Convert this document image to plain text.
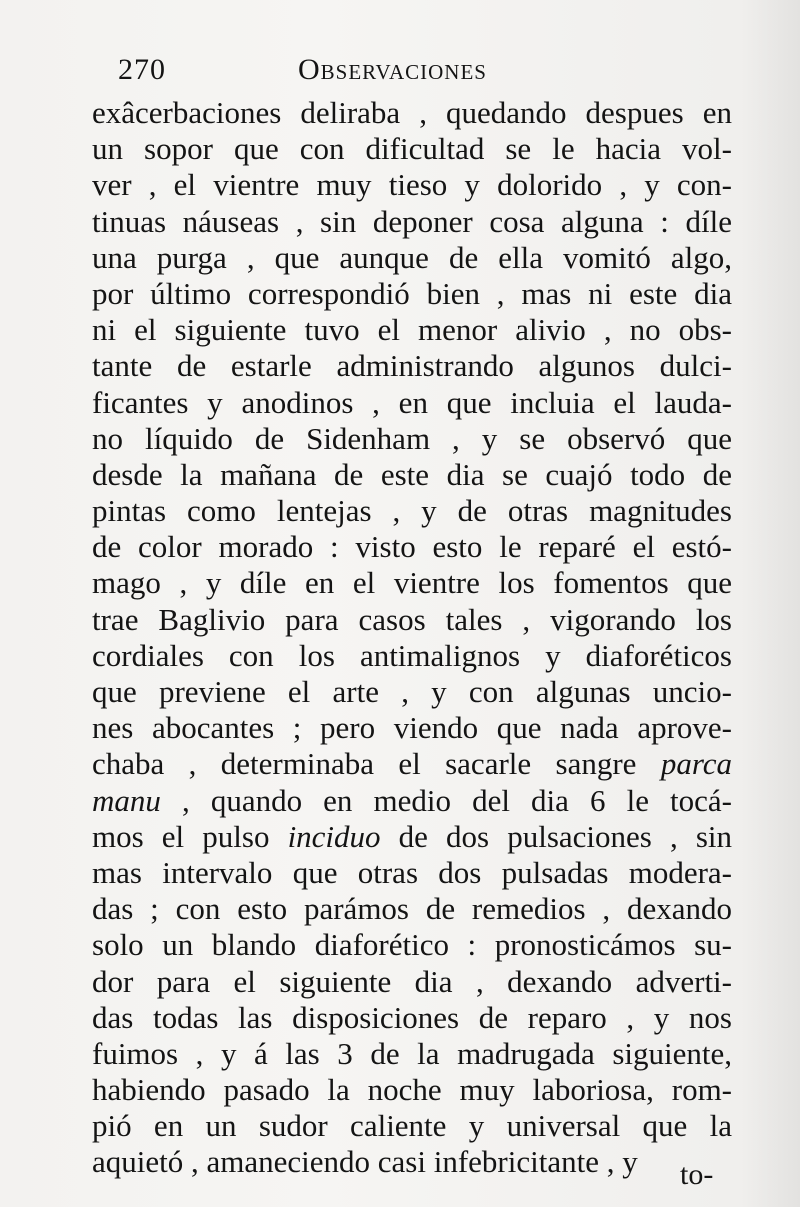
270	Observaciones
exâcerbaciones deliraba , quedando despues en
un sopor que con dificultad se le hacia vol-
ver , el vientre muy tieso y dolorido , y con-
tinuas náuseas , sin deponer cosa alguna : díle
una purga , que aunque de ella vomitó algo,
por último correspondió bien , mas ni este dia
ni el siguiente tuvo el menor alivio , no obs-
tante de estarle administrando algunos dulci-
ficantes y anodinos , en que incluia el lauda-
no líquido de Sidenham , y se observó que
desde la mañana de este dia se cuajó todo de
pintas como lentejas , y de otras magnitudes
de color morado : visto esto le reparé el estó-
mago , y díle en el vientre los fomentos que
trae Baglivio para casos tales , vigorando los
cordiales con los antimalignos y diaforéticos
que previene el arte , y con algunas uncio-
nes abocantes ; pero viendo que nada aprove-
chaba , determinaba el sacarle sangre parca
manu , quando en medio del dia 6 le tocá-
mos el pulso inciduo de dos pulsaciones , sin
mas intervalo que otras dos pulsadas modera-
das ; con esto parámos de remedios , dexando
solo un blando diaforético : pronosticámos su-
dor para el siguiente dia , dexando adverti-
das todas las disposiciones de reparo , y nos
fuimos , y á las 3 de la madrugada siguiente,
habiendo pasado la noche muy laboriosa, rom-
pió en un sudor caliente y universal que la
aquietó , amaneciendo casi infebricitante , y	to-
